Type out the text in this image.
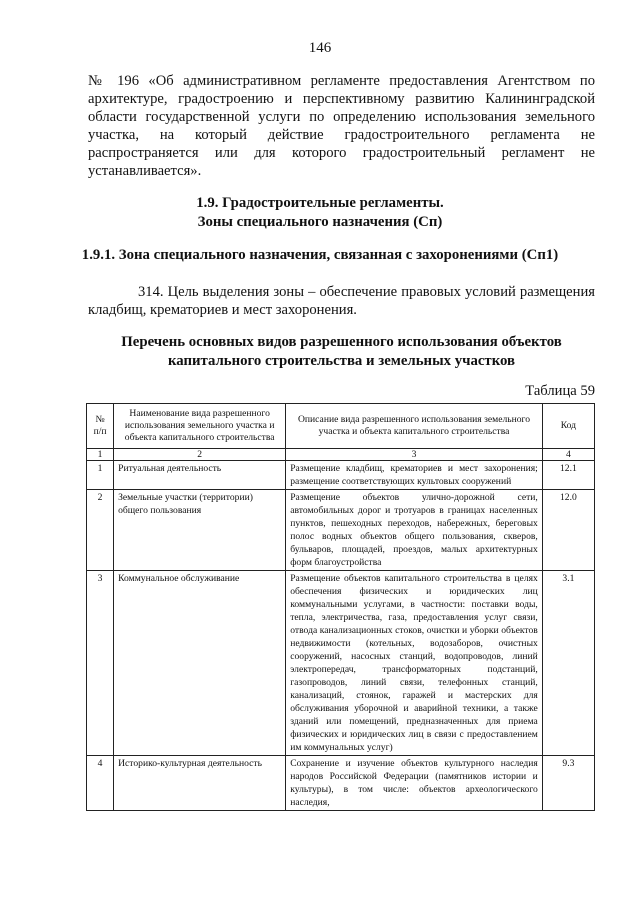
146
№ 196 «Об административном регламенте предоставления Агентством по архитектуре, градостроению и перспективному развитию Калининградской области государственной услуги по определению использования земельного участка, на который действие градостроительного регламента не распространяется или для которого градостроительный регламент не устанавливается».
1.9. Градостроительные регламенты.
Зоны специального назначения (Сп)
1.9.1. Зона специального назначения, связанная с захоронениями (Сп1)
314. Цель выделения зоны – обеспечение правовых условий размещения кладбищ, крематориев и мест захоронения.
Перечень основных видов разрешенного использования объектов
капитального строительства и земельных участков
Таблица 59
№ п/п	Наименование вида разрешенного использования земельного участка и объекта капитального строительства	Описание вида разрешенного использования земельного участка и объекта капитального строительства	Код
1	2	3	4
1	Ритуальная деятельность	Размещение кладбищ, крематориев и мест захоронения; размещение соответствующих культовых сооружений	12.1
2	Земельные участки (территории) общего пользования	Размещение объектов улично-дорожной сети, автомобильных дорог и тротуаров в границах населенных пунктов, пешеходных переходов, набережных, береговых полос водных объектов общего пользования, скверов, бульваров, площадей, проездов, малых архитектурных форм благоустройства	12.0
3	Коммунальное обслуживание	Размещение объектов капитального строительства в целях обеспечения физических и юридических лиц коммунальными услугами, в частности: поставки воды, тепла, электричества, газа, предоставления услуг связи, отвода канализационных стоков, очистки и уборки объектов недвижимости (котельных, водозаборов, очистных сооружений, насосных станций, водопроводов, линий электропередач, трансформаторных подстанций, газопроводов, линий связи, телефонных станций, канализаций, стоянок, гаражей и мастерских для обслуживания уборочной и аварийной техники, а также зданий или помещений, предназначенных для приема физических и юридических лиц в связи с предоставлением им коммунальных услуг)	3.1
4	Историко-культурная деятельность	Сохранение и изучение объектов культурного наследия народов Российской Федерации (памятников истории и культуры), в том числе: объектов археологического наследия,	9.3
